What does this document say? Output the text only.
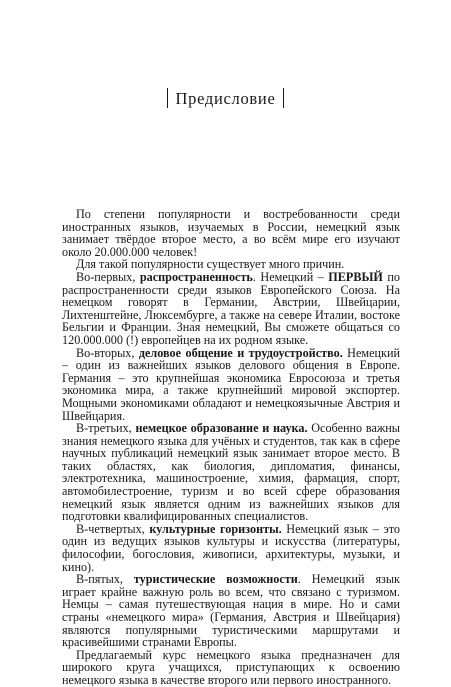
Предисловие

По степени популярности и востребованности среди иностранных языков, изучаемых в России, немецкий язык занимает твёрдое второе место, а во всём мире его изучают около 20.000.000 человек!

Для такой популярности существует много причин.

Во-первых, распространенность. Немецкий – ПЕРВЫЙ по распространенности среди языков Европейского Союза. На немецком говорят в Германии, Австрии, Швейцарии, Лихтенштейне, Люксембурге, а также на севере Италии, востоке Бельгии и Франции. Зная немецкий, Вы сможете общаться со 120.000.000 (!) европейцев на их родном языке.

Во-вторых, деловое общение и трудоустройство. Немецкий – один из важнейших языков делового общения в Европе. Германия – это крупнейшая экономика Евросоюза и третья экономика мира, а также крупнейший мировой экспортер. Мощными экономиками обладают и немецкоязычные Австрия и Швейцария.

В-третьих, немецкое образование и наука. Особенно важны знания немецкого языка для учёных и студентов, так как в сфере научных публикаций немецкий язык занимает второе место. В таких областях, как биология, дипломатия, финансы, электротехника, машиностроение, химия, фармация, спорт, автомобилестроение, туризм и во всей сфере образования немецкий язык является одним из важнейших языков для подготовки квалифицированных специалистов.

В-четвертых, культурные горизонты. Немецкий язык – это один из ведущих языков культуры и искусства (литературы, философии, богословия, живописи, архитектуры, музыки, и кино).

В-пятых, туристические возможности. Немецкий язык играет крайне важную роль во всем, что связано с туризмом. Немцы – самая путешествующая нация в мире. Но и сами страны «немецкого мира» (Германия, Австрия и Швейцария) являются популярными туристическими маршрутами и красивейшими странами Европы.

Предлагаемый курс немецкого языка предназначен для широкого круга учащихся, приступающих к освоению немецкого языка в качестве второго или первого иностранного.
